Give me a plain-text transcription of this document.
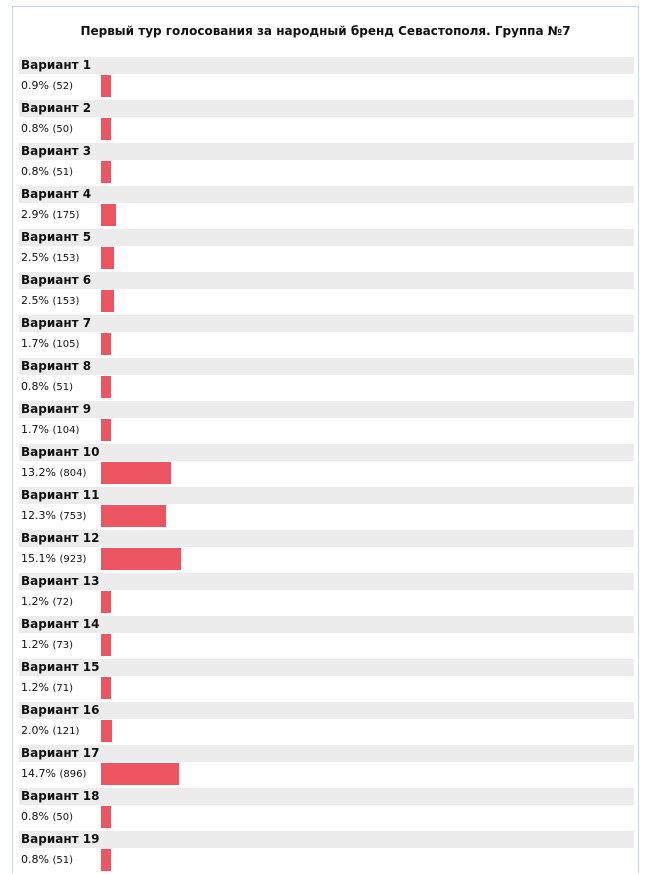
Первый тур голосования за народный бренд Севастополя. Группа №7
Вариант 1
0.9% (52)
Вариант 2
0.8% (50)
Вариант 3
0.8% (51)
Вариант 4
2.9% (175)
Вариант 5
2.5% (153)
Вариант 6
2.5% (153)
Вариант 7
1.7% (105)
Вариант 8
0.8% (51)
Вариант 9
1.7% (104)
Вариант 10
13.2% (804)
Вариант 11
12.3% (753)
Вариант 12
15.1% (923)
Вариант 13
1.2% (72)
Вариант 14
1.2% (73)
Вариант 15
1.2% (71)
Вариант 16
2.0% (121)
Вариант 17
14.7% (896)
Вариант 18
0.8% (50)
Вариант 19
0.8% (51)
